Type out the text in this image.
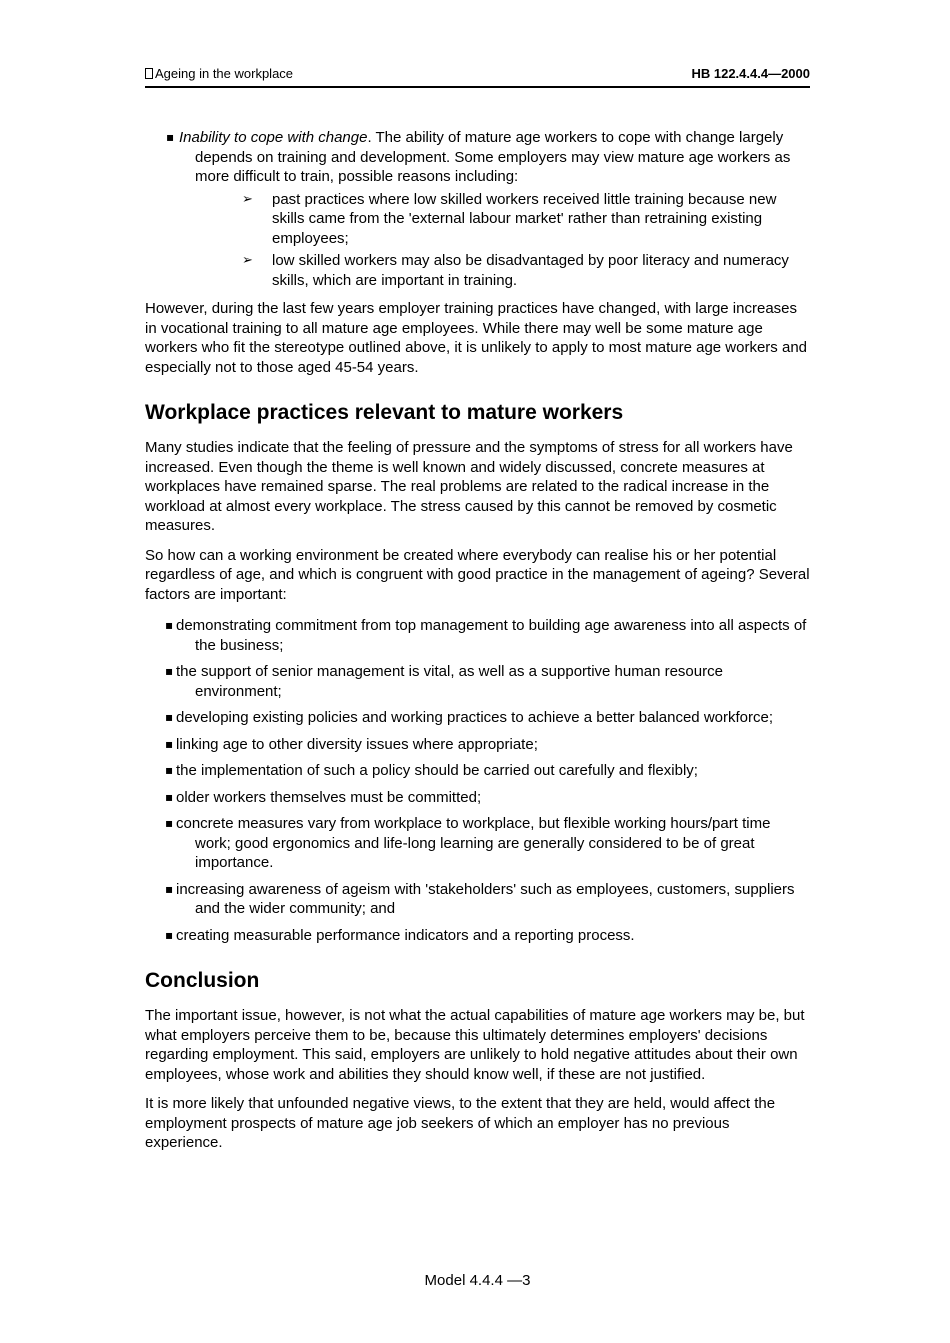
Ageing in the workplace	HB 122.4.4.4—2000
▪ Inability to cope with change. The ability of mature age workers to cope with change largely depends on training and development. Some employers may view mature age workers as more difficult to train, possible reasons including:
➢ past practices where low skilled workers received little training because new skills came from the 'external labour market' rather than retraining existing employees;
➢ low skilled workers may also be disadvantaged by poor literacy and numeracy skills, which are important in training.

However, during the last few years employer training practices have changed, with large increases in vocational training to all mature age employees. While there may well be some mature age workers who fit the stereotype outlined above, it is unlikely to apply to most mature age workers and especially not to those aged 45-54 years.

Workplace practices relevant to mature workers

Many studies indicate that the feeling of pressure and the symptoms of stress for all workers have increased. Even though the theme is well known and widely discussed, concrete measures at workplaces have remained sparse. The real problems are related to the radical increase in the workload at almost every workplace. The stress caused by this cannot be removed by cosmetic measures.

So how can a working environment be created where everybody can realise his or her potential regardless of age, and which is congruent with good practice in the management of ageing? Several factors are important:

▪ demonstrating commitment from top management to building age awareness into all aspects of the business;
▪ the support of senior management is vital, as well as a supportive human resource environment;
▪ developing existing policies and working practices to achieve a better balanced workforce;
▪ linking age to other diversity issues where appropriate;
▪ the implementation of such a policy should be carried out carefully and flexibly;
▪ older workers themselves must be committed;
▪ concrete measures vary from workplace to workplace, but flexible working hours/part time work; good ergonomics and life-long learning are generally considered to be of great importance.
▪ increasing awareness of ageism with 'stakeholders' such as employees, customers, suppliers and the wider community; and
▪ creating measurable performance indicators and a reporting process.
Conclusion

The important issue, however, is not what the actual capabilities of mature age workers may be, but what employers perceive them to be, because this ultimately determines employers' decisions regarding employment. This said, employers are unlikely to hold negative attitudes about their own employees, whose work and abilities they should know well, if these are not justified.

It is more likely that unfounded negative views, to the extent that they are held, would affect the employment prospects of mature age job seekers of which an employer has no previous experience.

Model 4.4.4 —3
